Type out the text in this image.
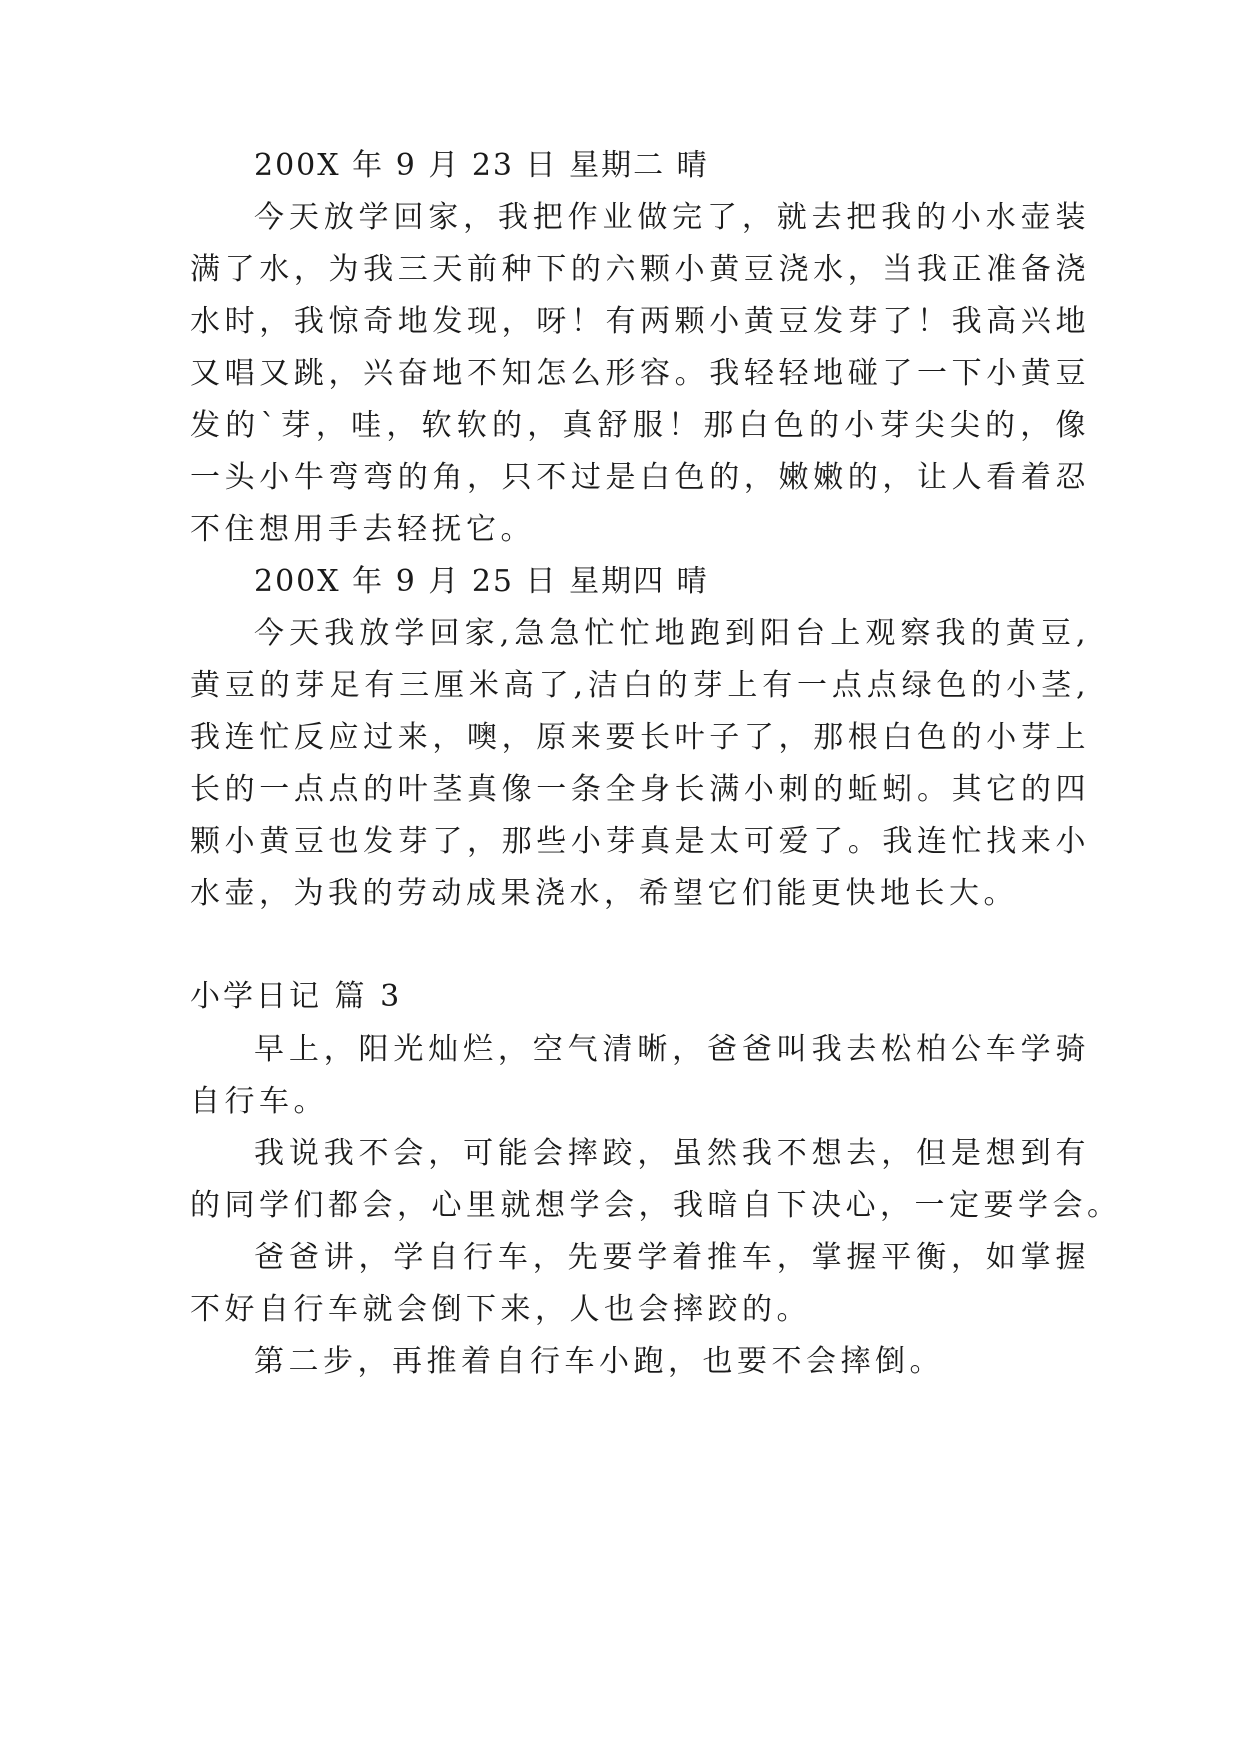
200X 年 9 月 23 日 星期二 晴
今天放学回家，我把作业做完了，就去把我的小水壶装
满了水，为我三天前种下的六颗小黄豆浇水，当我正准备浇
水时，我惊奇地发现，呀！有两颗小黄豆发芽了！我高兴地
又唱又跳，兴奋地不知怎么形容。我轻轻地碰了一下小黄豆
发的`芽，哇，软软的，真舒服！那白色的小芽尖尖的，像
一头小牛弯弯的角，只不过是白色的，嫩嫩的，让人看着忍
不住想用手去轻抚它。
200X 年 9 月 25 日 星期四 晴
今天我放学回家,急急忙忙地跑到阳台上观察我的黄豆,
黄豆的芽足有三厘米高了,洁白的芽上有一点点绿色的小茎,
我连忙反应过来，噢，原来要长叶子了，那根白色的小芽上
长的一点点的叶茎真像一条全身长满小刺的蚯蚓。其它的四
颗小黄豆也发芽了，那些小芽真是太可爱了。我连忙找来小
水壶，为我的劳动成果浇水，希望它们能更快地长大。
小学日记 篇 3
早上，阳光灿烂，空气清晰，爸爸叫我去松柏公车学骑
自行车。
我说我不会，可能会摔跤，虽然我不想去，但是想到有
的同学们都会，心里就想学会，我暗自下决心，一定要学会。
爸爸讲，学自行车，先要学着推车，掌握平衡，如掌握
不好自行车就会倒下来，人也会摔跤的。
第二步，再推着自行车小跑，也要不会摔倒。
